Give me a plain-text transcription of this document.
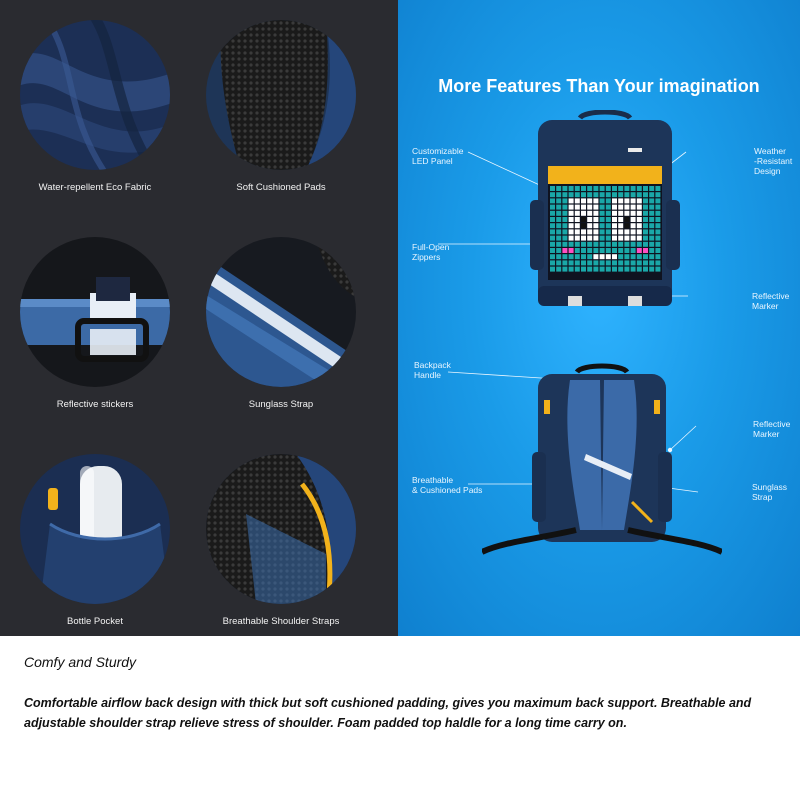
Water-repellent Eco Fabric	Soft Cushioned Pads
Reflective stickers	Sunglass Strap
Bottle Pocket	Breathable Shoulder Straps
More Features Than Your imagination
Customizable
LED Panel
Weather
-Resistant
Design
Full-Open
Zippers
Reflective
Marker
Backpack
Handle
Reflective
Marker
Breathable
& Cushioned Pads	Sunglass
Strap
Comfy and Sturdy
Comfortable airflow back design with thick but soft cushioned padding, gives you maximum back support. Breathable and adjustable shoulder strap relieve stress of shoulder. Foam padded top haldle for a long time carry on.
